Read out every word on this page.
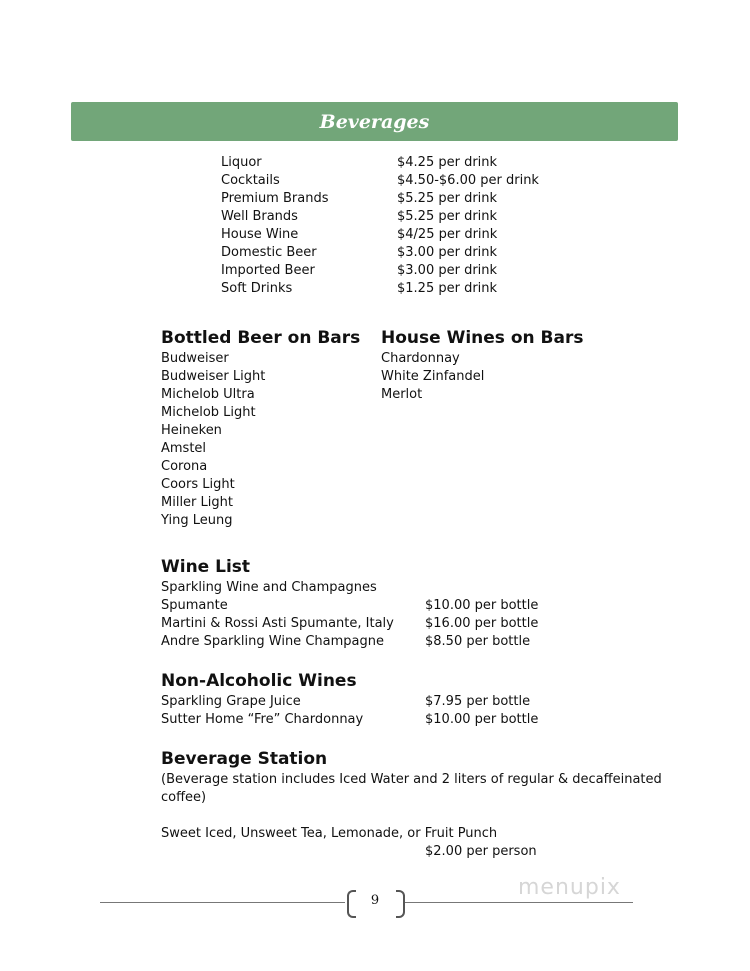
Beverages
Liquor	$4.25 per drink
Cocktails	$4.50-$6.00 per drink
Premium Brands	$5.25 per drink
Well Brands	$5.25 per drink
House Wine	$4/25 per drink
Domestic Beer	$3.00 per drink
Imported Beer	$3.00 per drink
Soft Drinks	$1.25 per drink
Bottled Beer on Bars
Budweiser
Budweiser Light
Michelob Ultra
Michelob Light
Heineken
Amstel
Corona
Coors Light
Miller Light
Ying Leung
House Wines on Bars
Chardonnay
White Zinfandel
Merlot
Wine List
Sparkling Wine and Champagnes
Spumante	$10.00 per bottle
Martini & Rossi Asti Spumante, Italy $16.00 per bottle
Andre Sparkling Wine Champagne	$8.50 per bottle
Non-Alcoholic Wines
Sparkling Grape Juice	$7.95 per bottle
Sutter Home “Fre” Chardonnay	$10.00 per bottle
Beverage Station
(Beverage station includes Iced Water and 2 liters of regular & decaffeinated
coffee)
Sweet Iced, Unsweet Tea, Lemonade, or Fruit Punch
$2.00 per person
9
menupix
